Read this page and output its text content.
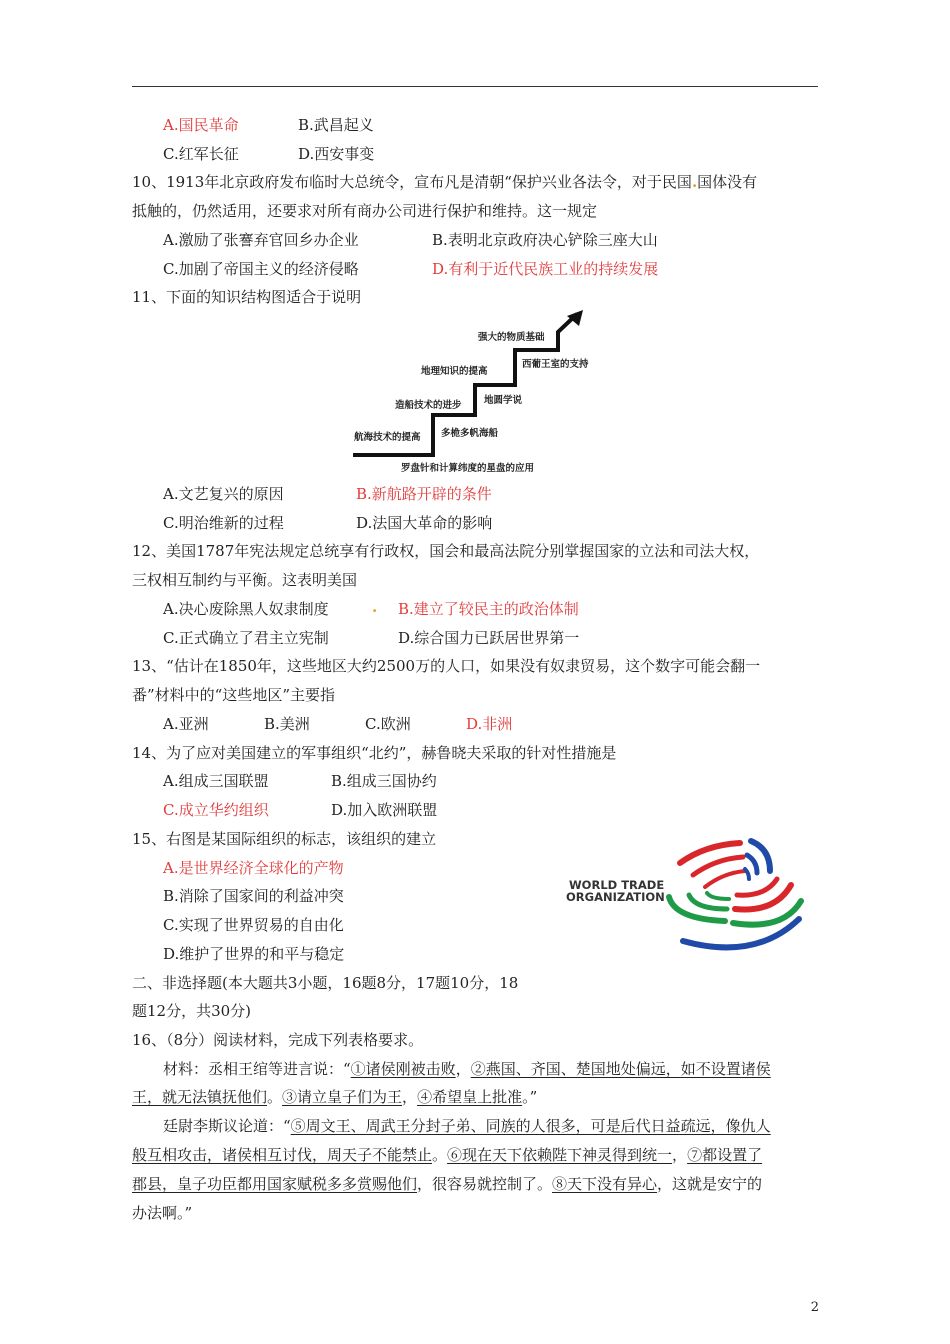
A.国民革命	B.武昌起义
C.红军长征	D.西安事变
10、1913年北京政府发布临时大总统令，宣布凡是清朝“保护兴业各法令，对于民国.国体没有
抵触的，仍然适用，还要求对所有商办公司进行保护和维持。这一规定
A.激励了张謇弃官回乡办企业	B.表明北京政府决心铲除三座大山
C.加剧了帝国主义的经济侵略	D.有利于近代民族工业的持续发展
11、下面的知识结构图适合于说明
航海技术的提高
造船技术的进步
地理知识的提高
强大的物质基础
罗盘针和计算纬度的星盘的应用
多桅多帆海船
地圆学说
西葡王室的支持
A.文艺复兴的原因	B.新航路开辟的条件
C.明治维新的过程	D.法国大革命的影响
12、美国1787年宪法规定总统享有行政权，国会和最高法院分别掌握国家的立法和司法大权，
三权相互制约与平衡。这表明美国
A.决心废除黑人奴隶制度	. B.建立了较民主的政治体制
C.正式确立了君主立宪制	D.综合国力已跃居世界第一
13、“估计在1850年，这些地区大约2500万的人口，如果没有奴隶贸易，这个数字可能会翻一
番”材料中的“这些地区”主要指
A.亚洲	B.美洲	C.欧洲	D.非洲
14、为了应对美国建立的军事组织“北约”，赫鲁晓夫采取的针对性措施是
A.组成三国联盟	B.组成三国协约
C.成立华约组织	D.加入欧洲联盟
15、右图是某国际组织的标志，该组织的建立
A.是世界经济全球化的产物
B.消除了国家间的利益冲突
C.实现了世界贸易的自由化
D.维护了世界的和平与稳定
WORLD TRADE
ORGANIZATION
二、非选择题(本大题共3小题，16题8分，17题10分，18
题12分，共30分)
16、（8分）阅读材料，完成下列表格要求。
材料：丞相王绾等进言说：“①诸侯刚被击败，②燕国、齐国、楚国地处偏远，如不设置诸侯
王，就无法镇抚他们。③请立皇子们为王，④希望皇上批准。”
廷尉李斯议论道：“⑤周文王、周武王分封子弟、同族的人很多，可是后代日益疏远，像仇人
般互相攻击，诸侯相互讨伐，周天子不能禁止。⑥现在天下依赖陛下神灵得到统一，⑦都设置了
郡县，皇子功臣都用国家赋税多多赏赐他们，很容易就控制了。⑧天下没有异心，这就是安宁的
办法啊。”
2
